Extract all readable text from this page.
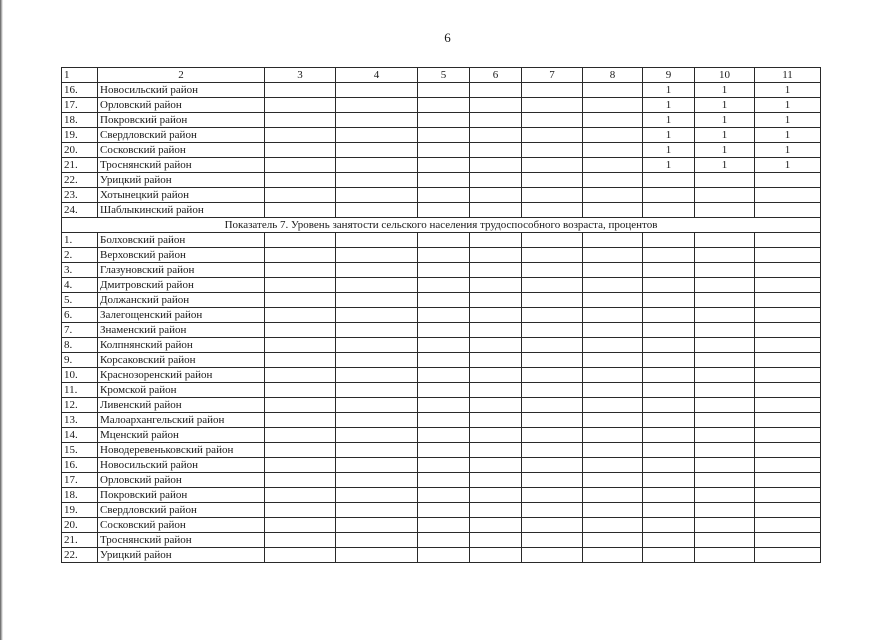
6
1	2	3	4	5	6	7	8	9	10	11
16.	Новосильский район							1	1	1
17.	Орловский район							1	1	1
18.	Покровский район							1	1	1
19.	Свердловский район							1	1	1
20.	Сосковский район							1	1	1
21.	Троснянский район							1	1	1
22.	Урицкий район									
23.	Хотынецкий район									
24.	Шаблыкинский район									
Показатель 7. Уровень занятости сельского населения трудоспособного возраста, процентов										
1.	Болховский район									
2.	Верховский район									
3.	Глазуновский район									
4.	Дмитровский район									
5.	Должанский район									
6.	Залегощенский район									
7.	Знаменский район									
8.	Колпнянский район									
9.	Корсаковский район									
10.	Краснозоренский район									
11.	Кромской район									
12.	Ливенский район									
13.	Малоархангельский район									
14.	Мценский район									
15.	Новодеревеньковский район									
16.	Новосильский район									
17.	Орловский район									
18.	Покровский район									
19.	Свердловский район									
20.	Сосковский район									
21.	Троснянский район									
22.	Урицкий район									
